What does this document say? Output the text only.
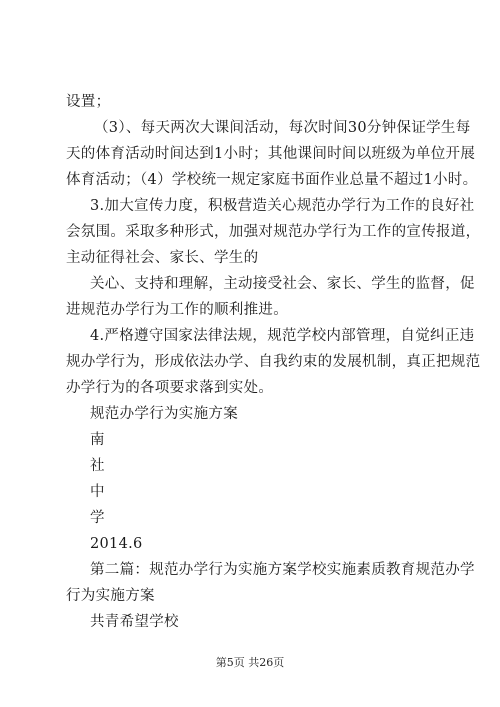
设置；
（3）、每天两次大课间活动，每次时间30分钟保证学生每
天的体育活动时间达到1小时；其他课间时间以班级为单位开展
体育活动；（4）学校统一规定家庭书面作业总量不超过1小时。
3.加大宣传力度，积极营造关心规范办学行为工作的良好社
会氛围。采取多种形式，加强对规范办学行为工作的宣传报道，
主动征得社会、家长、学生的
关心、支持和理解，主动接受社会、家长、学生的监督，促
进规范办学行为工作的顺利推进。
4.严格遵守国家法律法规，规范学校内部管理，自觉纠正违
规办学行为，形成依法办学、自我约束的发展机制，真正把规范
办学行为的各项要求落到实处。
规范办学行为实施方案
南
社
中
学
2014.6
第二篇：规范办学行为实施方案学校实施素质教育规范办学
行为实施方案
共青希望学校
第5页 共26页
